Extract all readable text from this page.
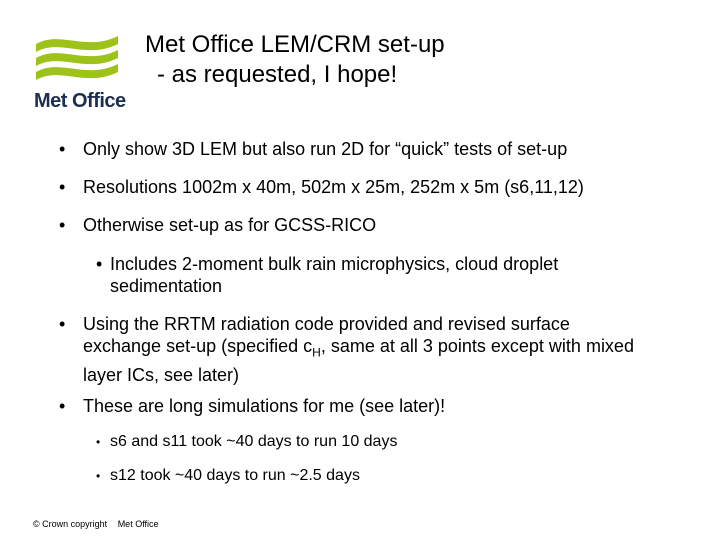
Met Office
Met Office LEM/CRM set-up
- as requested, I hope!
• Only show 3D LEM but also run 2D for “quick” tests of set-up
• Resolutions 1002m x 40m, 502m x 25m, 252m x 5m (s6,11,12)
• Otherwise set-up as for GCSS-RICO
• Includes 2-moment bulk rain microphysics, cloud droplet sedimentation
• Using the RRTM radiation code provided and revised surface exchange set-up (specified $c_H$, same at all 3 points except with mixed layer ICs, see later)
• These are long simulations for me (see later)!
• s6 and s11 took ~40 days to run 10 days
• s12 took ~40 days to run ~2.5 days
© Crown copyright Met Office
